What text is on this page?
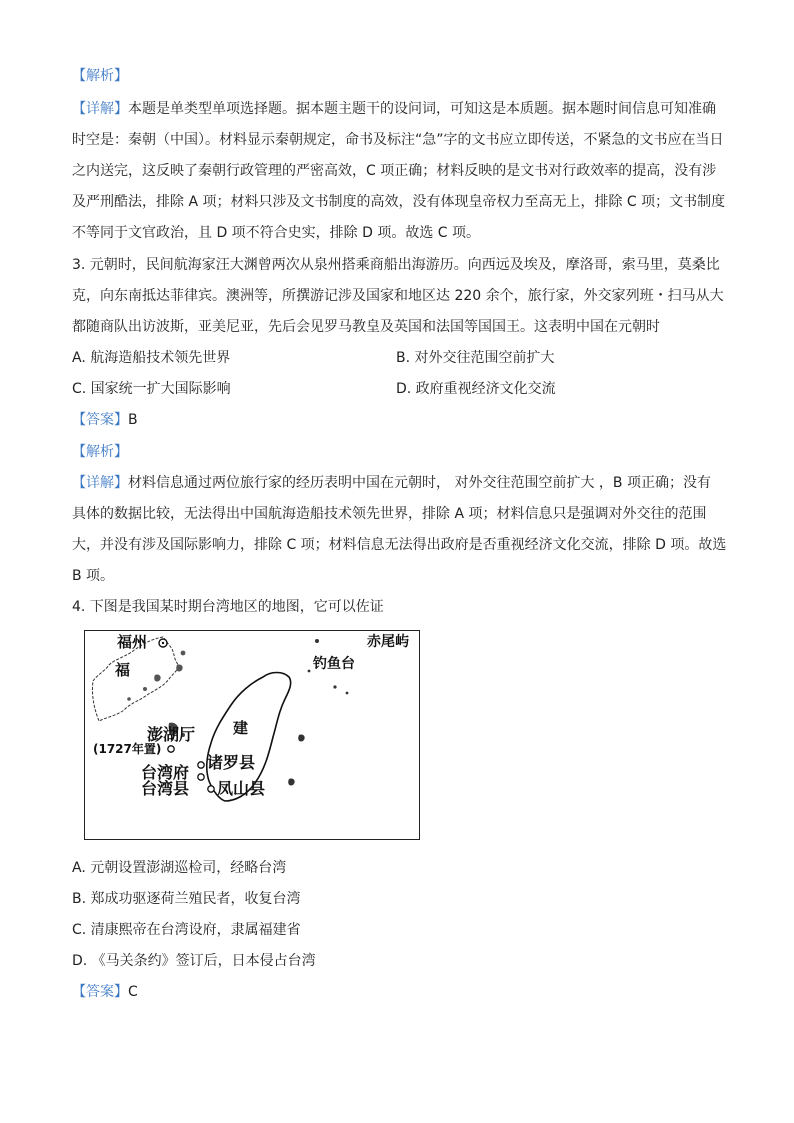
【解析】
【详解】本题是单类型单项选择题。据本题主题干的设问词，可知这是本质题。据本题时间信息可知准确
时空是：秦朝（中国）。材料显示秦朝规定，命书及标注“急”字的文书应立即传送，不紧急的文书应在当日
之内送完，这反映了秦朝行政管理的严密高效，C 项正确；材料反映的是文书对行政效率的提高，没有涉
及严刑酷法，排除 A 项；材料只涉及文书制度的高效，没有体现皇帝权力至高无上，排除 C 项；文书制度
不等同于文官政治，且 D 项不符合史实，排除 D 项。故选 C 项。
3. 元朝时，民间航海家汪大渊曾两次从泉州搭乘商船出海游历。向西远及埃及，摩洛哥，索马里，莫桑比
克，向东南抵达菲律宾。澳洲等，所撰游记涉及国家和地区达 220 余个，旅行家，外交家列班・扫马从大
都随商队出访波斯，亚美尼亚，先后会见罗马教皇及英国和法国等国国王。这表明中国在元朝时
A. 航海造船技术领先世界	B. 对外交往范围空前扩大
C. 国家统一扩大国际影响	D. 政府重视经济文化交流
【答案】B
【解析】
【详解】材料信息通过两位旅行家的经历表明中国在元朝时， 对外交往范围空前扩大 ，B 项正确；没有
具体的数据比较，无法得出中国航海造船技术领先世界，排除 A 项；材料信息只是强调对外交往的范围
大，并没有涉及国际影响力，排除 C 项；材料信息无法得出政府是否重视经济文化交流，排除 D 项。故选
B 项。
4. 下图是我国某时期台湾地区的地图，它可以佐证
福州
福
赤尾屿
钓鱼台
澎湖厅
(1727年置)
建
诸罗县
台湾府
台湾县 凤山县
A. 元朝设置澎湖巡检司，经略台湾
B. 郑成功驱逐荷兰殖民者，收复台湾
C. 清康熙帝在台湾设府，隶属福建省
D. 《马关条约》签订后，日本侵占台湾
【答案】C
